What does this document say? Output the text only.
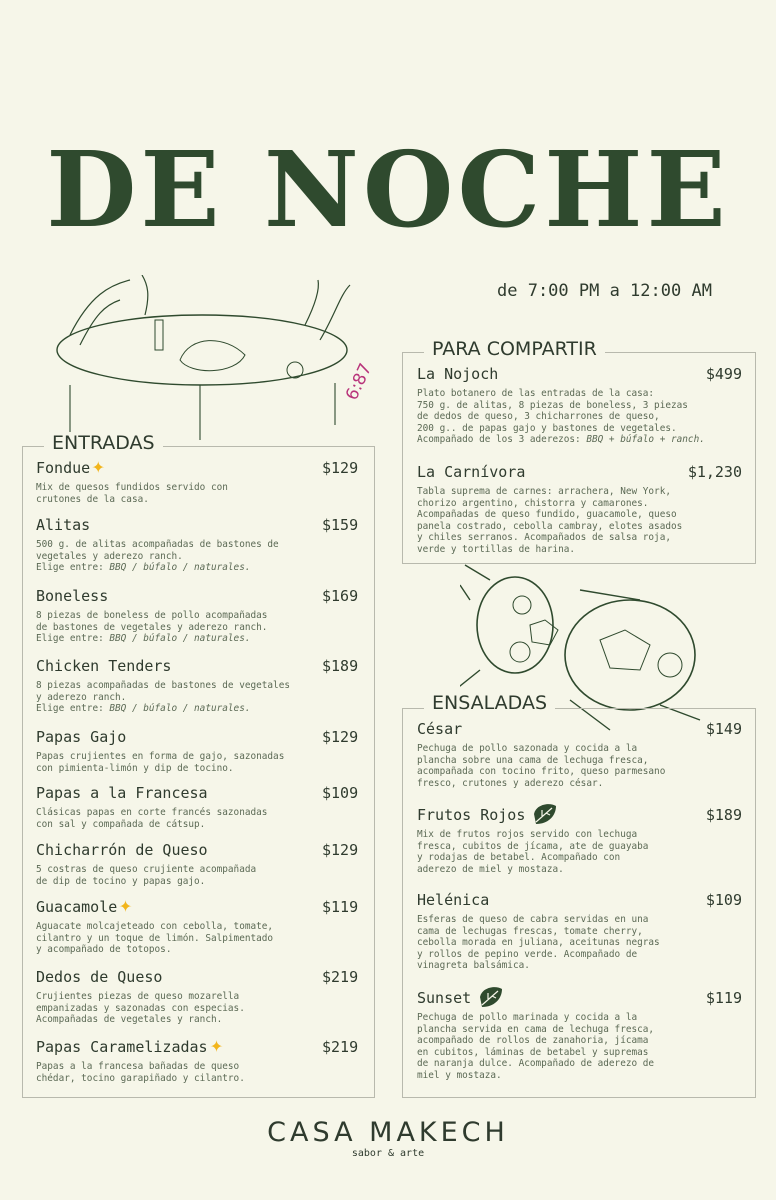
DE NOCHE
de 7:00 PM a 12:00 AM
6:87
ENTRADAS
Fondue ✦	$129
Mix de quesos fundidos servido con
crutones de la casa.
Alitas	$159
500 g. de alitas acompañadas de bastones de
vegetales y aderezo ranch.
Elige entre: BBQ / búfalo / naturales.
Boneless	$169
8 piezas de boneless de pollo acompañadas
de bastones de vegetales y aderezo ranch.
Elige entre: BBQ / búfalo / naturales.
Chicken Tenders	$189
8 piezas acompañadas de bastones de vegetales
y aderezo ranch.
Elige entre: BBQ / búfalo / naturales.
Papas Gajo	$129
Papas crujientes en forma de gajo, sazonadas
con pimienta-limón y dip de tocino.
Papas a la Francesa	$109
Clásicas papas en corte francés sazonadas
con sal y compañada de cátsup.
Chicharrón de Queso	$129
5 costras de queso crujiente acompañada
de dip de tocino y papas gajo.
Guacamole ✦	$119
Aguacate molcajeteado con cebolla, tomate,
cilantro y un toque de limón. Salpimentado
y acompañado de totopos.
Dedos de Queso	$219
Crujientes piezas de queso mozarella
empanizadas y sazonadas con especias.
Acompañadas de vegetales y ranch.
Papas Caramelizadas ✦	$219
Papas a la francesa bañadas de queso
chédar, tocino garapiñado y cilantro.
PARA COMPARTIR
La Nojoch	$499
Plato botanero de las entradas de la casa:
750 g. de alitas, 8 piezas de boneless, 3 piezas
de dedos de queso, 3 chicharrones de queso,
200 g.. de papas gajo y bastones de vegetales.
Acompañado de los 3 aderezos: BBQ + búfalo + ranch.
La Carnívora	$1,230
Tabla suprema de carnes: arrachera, New York,
chorizo argentino, chistorra y camarones.
Acompañadas de queso fundido, guacamole, queso
panela costrado, cebolla cambray, elotes asados
y chiles serranos. Acompañados de salsa roja,
verde y tortillas de harina.
ENSALADAS
César	$149
Pechuga de pollo sazonada y cocida a la
plancha sobre una cama de lechuga fresca,
acompañada con tocino frito, queso parmesano
fresco, crutones y aderezo césar.
Frutos Rojos	$189
Mix de frutos rojos servido con lechuga
fresca, cubitos de jícama, ate de guayaba
y rodajas de betabel. Acompañado con
aderezo de miel y mostaza.
Helénica	$109
Esferas de queso de cabra servidas en una
cama de lechugas frescas, tomate cherry,
cebolla morada en juliana, aceitunas negras
y rollos de pepino verde. Acompañado de
vinagreta balsámica.
Sunset	$119
Pechuga de pollo marinada y cocida a la
plancha servida en cama de lechuga fresca,
acompañado de rollos de zanahoria, jícama
en cubitos, láminas de betabel y supremas
de naranja dulce. Acompañado de aderezo de
miel y mostaza.
CASA MAKECH
sabor & arte
